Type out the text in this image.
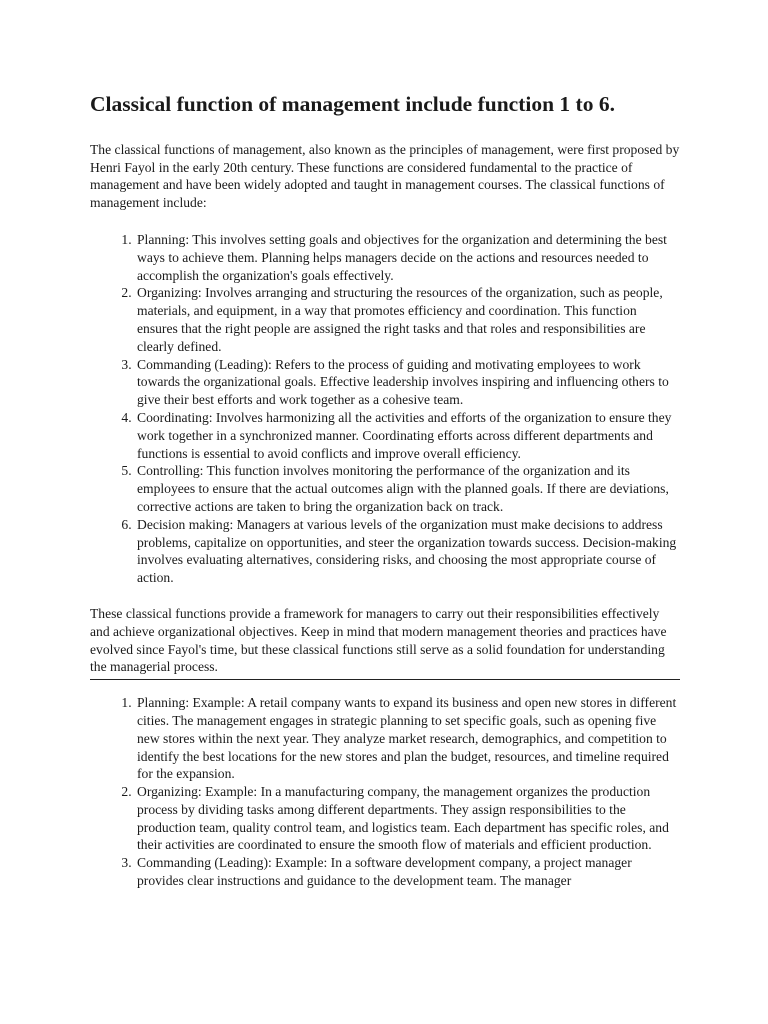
Classical function of management include function 1 to 6.

The classical functions of management, also known as the principles of management, were first proposed by Henri Fayol in the early 20th century. These functions are considered fundamental to the practice of management and have been widely adopted and taught in management courses. The classical functions of management include:

1. Planning: This involves setting goals and objectives for the organization and determining the best ways to achieve them. Planning helps managers decide on the actions and resources needed to accomplish the organization's goals effectively.
2. Organizing: Involves arranging and structuring the resources of the organization, such as people, materials, and equipment, in a way that promotes efficiency and coordination. This function ensures that the right people are assigned the right tasks and that roles and responsibilities are clearly defined.
3. Commanding (Leading): Refers to the process of guiding and motivating employees to work towards the organizational goals. Effective leadership involves inspiring and influencing others to give their best efforts and work together as a cohesive team.
4. Coordinating: Involves harmonizing all the activities and efforts of the organization to ensure they work together in a synchronized manner. Coordinating efforts across different departments and functions is essential to avoid conflicts and improve overall efficiency.
5. Controlling: This function involves monitoring the performance of the organization and its employees to ensure that the actual outcomes align with the planned goals. If there are deviations, corrective actions are taken to bring the organization back on track.
6. Decision making: Managers at various levels of the organization must make decisions to address problems, capitalize on opportunities, and steer the organization towards success. Decision-making involves evaluating alternatives, considering risks, and choosing the most appropriate course of action.

These classical functions provide a framework for managers to carry out their responsibilities effectively and achieve organizational objectives. Keep in mind that modern management theories and practices have evolved since Fayol's time, but these classical functions still serve as a solid foundation for understanding the managerial process.

1. Planning: Example: A retail company wants to expand its business and open new stores in different cities. The management engages in strategic planning to set specific goals, such as opening five new stores within the next year. They analyze market research, demographics, and competition to identify the best locations for the new stores and plan the budget, resources, and timeline required for the expansion.
2. Organizing: Example: In a manufacturing company, the management organizes the production process by dividing tasks among different departments. They assign responsibilities to the production team, quality control team, and logistics team. Each department has specific roles, and their activities are coordinated to ensure the smooth flow of materials and efficient production.
3. Commanding (Leading): Example: In a software development company, a project manager provides clear instructions and guidance to the development team. The manager
